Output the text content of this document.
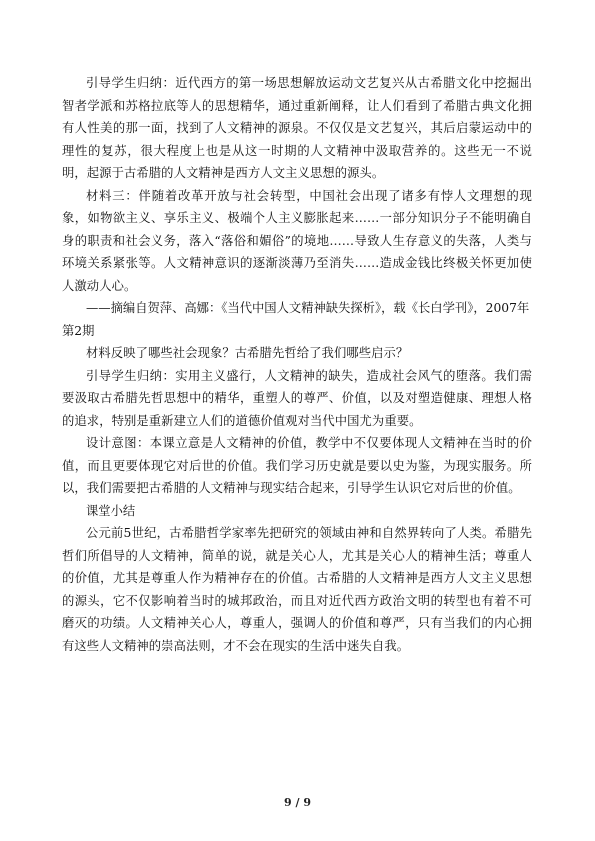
引导学生归纳：近代西方的第一场思想解放运动文艺复兴从古希腊文化中挖掘出智者学派和苏格拉底等人的思想精华，通过重新阐释，让人们看到了希腊古典文化拥有人性美的那一面，找到了人文精神的源泉。不仅仅是文艺复兴，其后启蒙运动中的理性的复苏，很大程度上也是从这一时期的人文精神中汲取营养的。这些无一不说明，起源于古希腊的人文精神是西方人文主义思想的源头。

材料三：伴随着改革开放与社会转型，中国社会出现了诸多有悖人文理想的现象，如物欲主义、享乐主义、极端个人主义膨胀起来……一部分知识分子不能明确自身的职责和社会义务，落入“落俗和媚俗”的境地……导致人生存意义的失落，人类与环境关系紧张等。人文精神意识的逐渐淡薄乃至消失……造成金钱比终极关怀更加使人激动人心。

——摘编自贺萍、高娜：《当代中国人文精神缺失探析》，载《长白学刊》，2007年第2期

材料反映了哪些社会现象？古希腊先哲给了我们哪些启示？

引导学生归纳：实用主义盛行，人文精神的缺失，造成社会风气的堕落。我们需要汲取古希腊先哲思想中的精华，重塑人的尊严、价值，以及对塑造健康、理想人格的追求，特别是重新建立人们的道德价值观对当代中国尤为重要。

设计意图：本课立意是人文精神的价值，教学中不仅要体现人文精神在当时的价值，而且更要体现它对后世的价值。我们学习历史就是要以史为鉴，为现实服务。所以，我们需要把古希腊的人文精神与现实结合起来，引导学生认识它对后世的价值。

课堂小结

公元前5世纪，古希腊哲学家率先把研究的领域由神和自然界转向了人类。希腊先哲们所倡导的人文精神，简单的说，就是关心人，尤其是关心人的精神生活；尊重人的价值，尤其是尊重人作为精神存在的价值。古希腊的人文精神是西方人文主义思想的源头，它不仅影响着当时的城邦政治，而且对近代西方政治文明的转型也有着不可磨灭的功绩。人文精神关心人，尊重人，强调人的价值和尊严，只有当我们的内心拥有这些人文精神的崇高法则，才不会在现实的生活中迷失自我。

9 / 9
